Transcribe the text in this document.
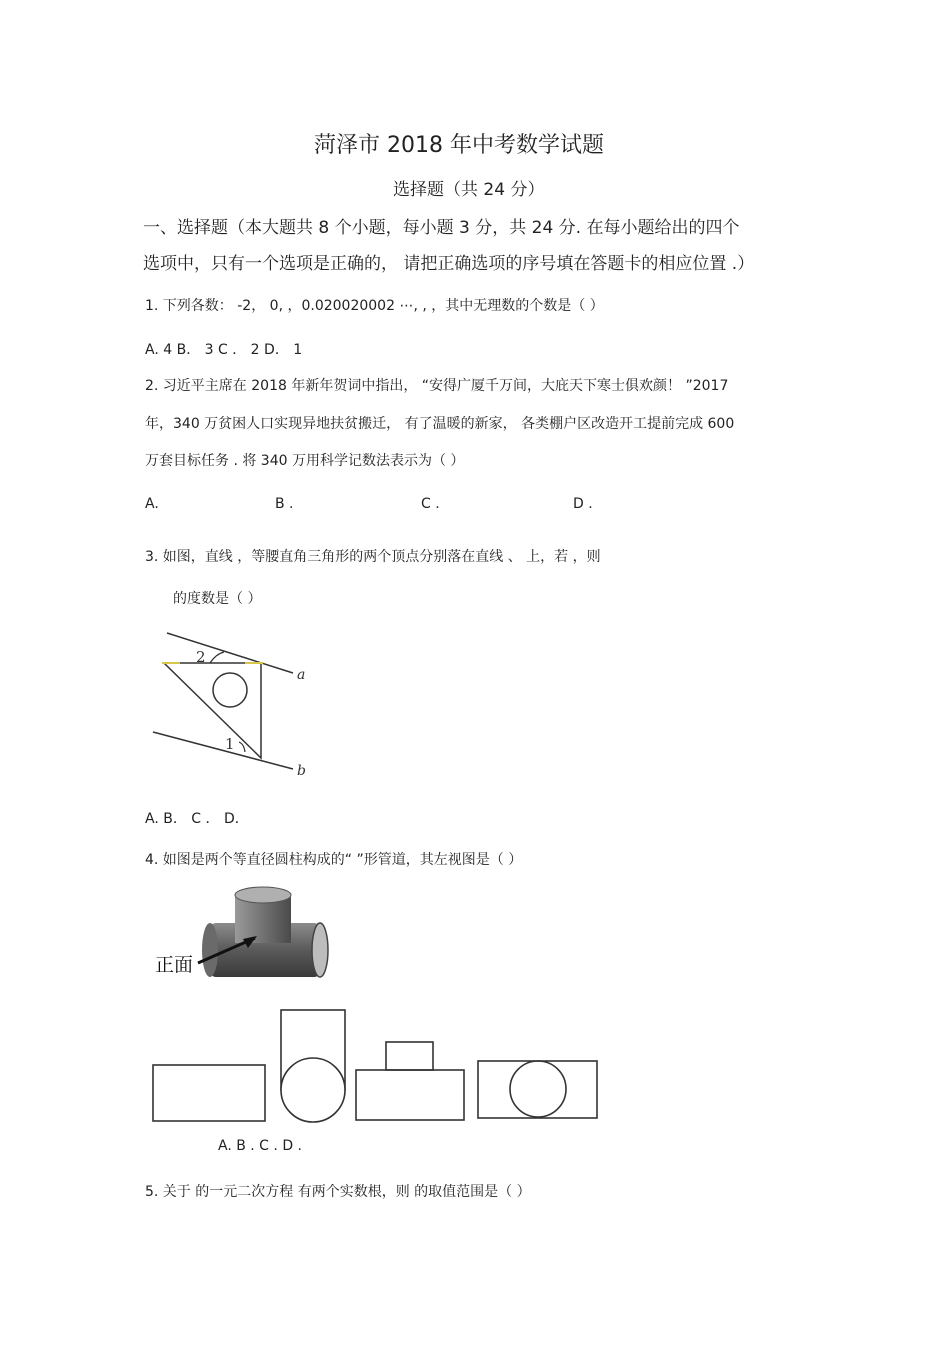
菏泽市 2018 年中考数学试题
选择题（共 24 分）
一、选择题（本大题共 8 个小题，每小题 3 分，共 24 分. 在每小题给出的四个
选项中，只有一个选项是正确的， 请把正确选项的序号填在答题卡的相应位置 .）
1. 下列各数： -2， 0, ，0.020020002 ⋯, , ，其中无理数的个数是（ ）
A. 4 B． 3 C ． 2 D． 1
2. 习近平主席在 2018 年新年贺词中指出， “安得广厦千万间，大庇天下寒士俱欢颜！ ”2017
年，340 万贫困人口实现异地扶贫搬迁， 有了温暖的新家， 各类棚户区改造开工提前完成 600
万套目标任务 . 将 340 万用科学记数法表示为（ ）
A.	B .	C .	D .
3. 如图，直线 ，等腰直角三角形的两个顶点分别落在直线 、 上，若 ，则
的度数是（ ）
2
1
a
b
A. B． C ． D．
4. 如图是两个等直径圆柱构成的“ ”形管道，其左视图是（ ）
正面
A. B . C . D .
5. 关于 的一元二次方程 有两个实数根，则 的取值范围是（ ）
